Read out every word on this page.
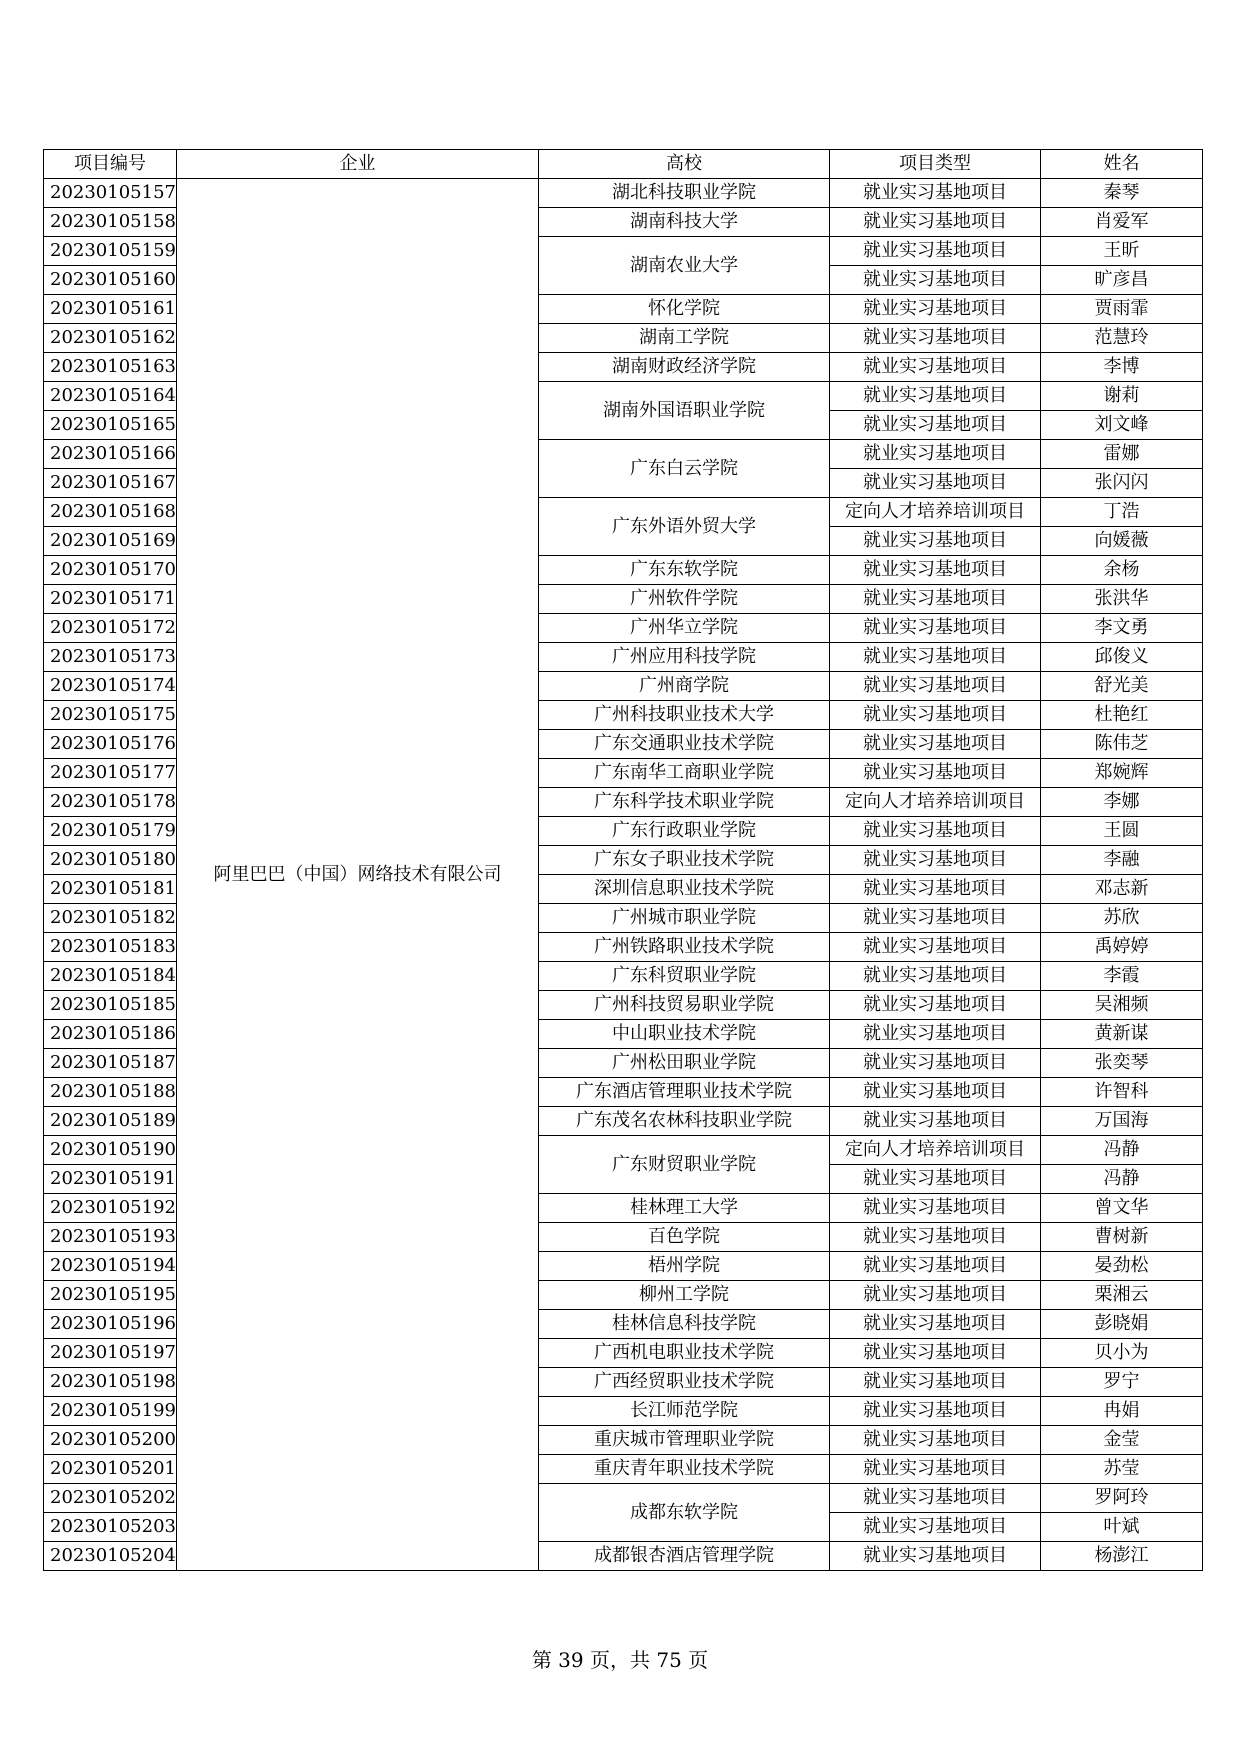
项目编号	企业	高校	项目类型	姓名
20230105157	阿里巴巴（中国）网络技术有限公司	湖北科技职业学院	就业实习基地项目	秦琴
20230105158		湖南科技大学	就业实习基地项目	肖爱军
20230105159		湖南农业大学	就业实习基地项目	王昕
20230105160			就业实习基地项目	旷彦昌
20230105161		怀化学院	就业实习基地项目	贾雨霏
20230105162		湖南工学院	就业实习基地项目	范慧玲
20230105163		湖南财政经济学院	就业实习基地项目	李博
20230105164		湖南外国语职业学院	就业实习基地项目	谢莉
20230105165			就业实习基地项目	刘文峰
20230105166		广东白云学院	就业实习基地项目	雷娜
20230105167			就业实习基地项目	张闪闪
20230105168		广东外语外贸大学	定向人才培养培训项目	丁浩
20230105169			就业实习基地项目	向媛薇
20230105170		广东东软学院	就业实习基地项目	余杨
20230105171		广州软件学院	就业实习基地项目	张洪华
20230105172		广州华立学院	就业实习基地项目	李文勇
20230105173		广州应用科技学院	就业实习基地项目	邱俊义
20230105174		广州商学院	就业实习基地项目	舒光美
20230105175		广州科技职业技术大学	就业实习基地项目	杜艳红
20230105176		广东交通职业技术学院	就业实习基地项目	陈伟芝
20230105177		广东南华工商职业学院	就业实习基地项目	郑婉辉
20230105178		广东科学技术职业学院	定向人才培养培训项目	李娜
20230105179		广东行政职业学院	就业实习基地项目	王圆
20230105180		广东女子职业技术学院	就业实习基地项目	李融
20230105181		深圳信息职业技术学院	就业实习基地项目	邓志新
20230105182		广州城市职业学院	就业实习基地项目	苏欣
20230105183		广州铁路职业技术学院	就业实习基地项目	禹婷婷
20230105184		广东科贸职业学院	就业实习基地项目	李霞
20230105185		广州科技贸易职业学院	就业实习基地项目	吴湘频
20230105186		中山职业技术学院	就业实习基地项目	黄新谋
20230105187		广州松田职业学院	就业实习基地项目	张奕琴
20230105188		广东酒店管理职业技术学院	就业实习基地项目	许智科
20230105189		广东茂名农林科技职业学院	就业实习基地项目	万国海
20230105190		广东财贸职业学院	定向人才培养培训项目	冯静
20230105191			就业实习基地项目	冯静
20230105192		桂林理工大学	就业实习基地项目	曾文华
20230105193		百色学院	就业实习基地项目	曹树新
20230105194		梧州学院	就业实习基地项目	晏劲松
20230105195		柳州工学院	就业实习基地项目	栗湘云
20230105196		桂林信息科技学院	就业实习基地项目	彭晓娟
20230105197		广西机电职业技术学院	就业实习基地项目	贝小为
20230105198		广西经贸职业技术学院	就业实习基地项目	罗宁
20230105199		长江师范学院	就业实习基地项目	冉娟
20230105200		重庆城市管理职业学院	就业实习基地项目	金莹
20230105201		重庆青年职业技术学院	就业实习基地项目	苏莹
20230105202		成都东软学院	就业实习基地项目	罗阿玲
20230105203			就业实习基地项目	叶斌
20230105204		成都银杏酒店管理学院	就业实习基地项目	杨澎江
第 39 页，共 75 页
